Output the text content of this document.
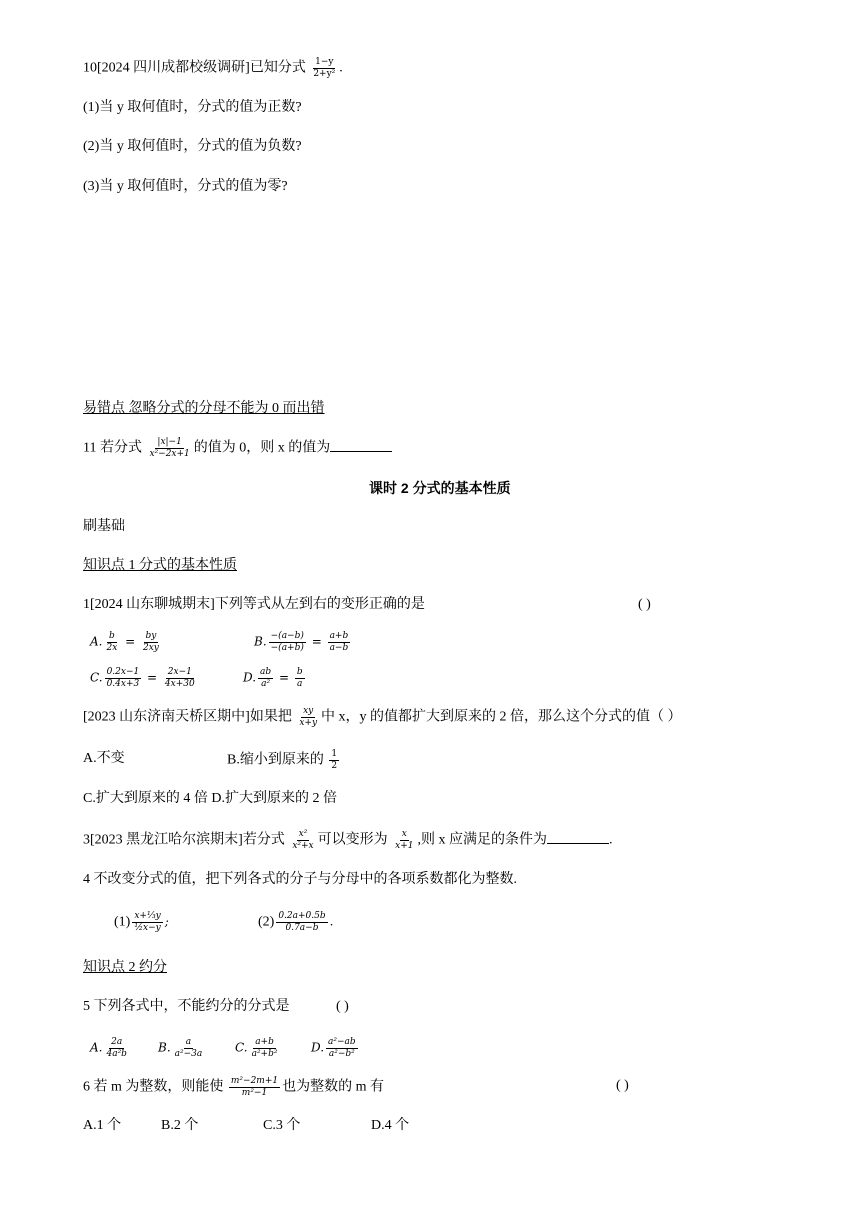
10[2024 四川成都校级调研]已知分式 $\frac{1-y}{\text{2+y²}}$ .
(1)当 y 取何值时，分式的值为正数?
(2)当 y 取何值时，分式的值为负数?
(3)当 y 取何值时，分式的值为零?
易错点 忽略分式的分母不能为 0 而出错
11 若分式 $\frac{|x|-1}{\text{x²−2x+1}}$ 的值为 0，则 x 的值为
课时 2 分式的基本性质
刷基础
知识点 1 分式的基本性质
1[2024 山东聊城期末]下列等式从左到右的变形正确的是	( )
A. $\frac{b}{2x} = \frac{by}{2xy}$	B. $\frac{-(a-b)}{-(a+b)} = \frac{a+b}{a-b}$
C. $\frac{0.2x-1}{0.4x+3} = \frac{2x-1}{4x+30}$	D. $\frac{ab}{\text{a²}} = \frac{b}{a}$
[2023 山东济南天桥区期中]如果把 $\frac{xy}{x+y}$ 中 x，y 的值都扩大到原来的 2 倍，那么这个分式的值（ ）
A.不变	B.缩小到原来的 $\frac{1}{2}$
C.扩大到原来的 4 倍 D.扩大到原来的 2 倍
3[2023 黑龙江哈尔滨期末]若分式 $\frac{\text{x²}}{\text{x²+x}}$ 可以变形为 $\frac{x}{x+1}$ ,则 x 应满足的条件为	.
4 不改变分式的值，把下列各式的分子与分母中的各项系数都化为整数.
$(1) \frac{\text{x+⅓y}}{\text{½x−y}}$ ;	$(2) \frac{0.2a+0.5b}{0.7a-b}$ .
知识点 2 约分
5 下列各式中，不能约分的分式是	( )
A. $\frac{2a}{\text{4a²b}} B$. $\frac{a}{\text{a²−3a}}$	C. $\frac{a+b}{\text{a²+b²}}$	D. $\frac{\text{a²−ab}}{\text{a²−b²}}$
6 若 m 为整数，则能使 $\frac{\text{m²−2m+1}}{\text{m²−1}}$ 也为整数的 m 有	( )
A.1 个	B.2 个	C.3 个	D.4 个
